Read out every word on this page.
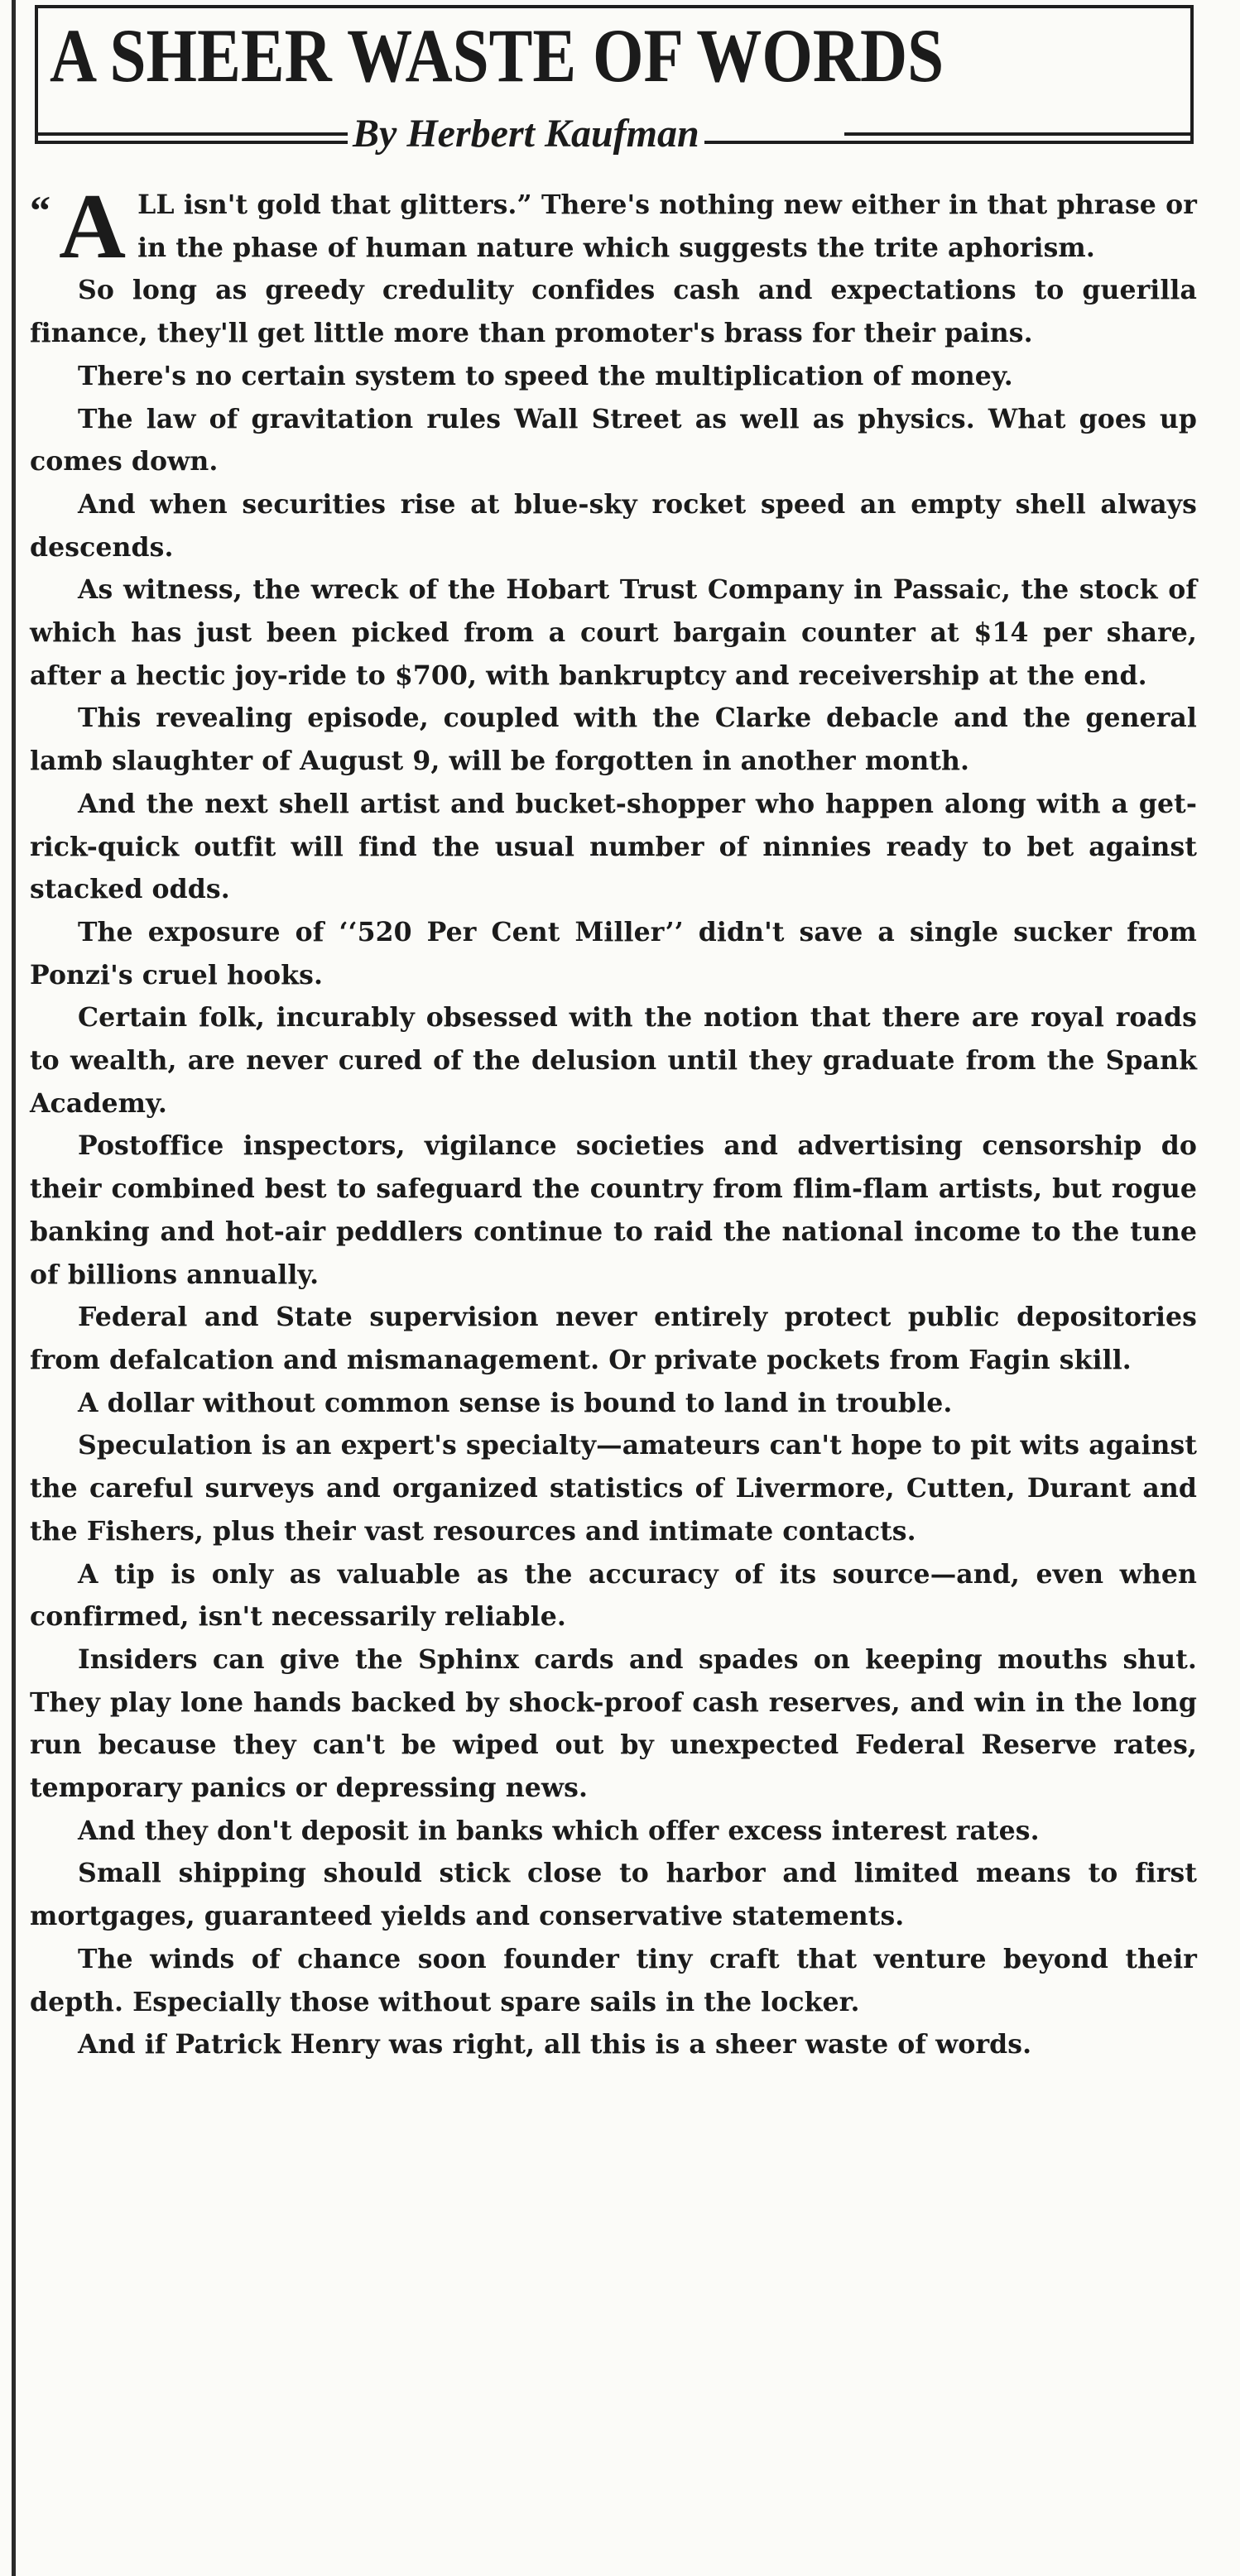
A SHEER WASTE OF WORDS
By Herbert Kaufman

“ A LL isn't gold that glitters.” There's nothing new either in that phrase or in the phase of human nature which suggests the trite aphorism.

So long as greedy credulity confides cash and expectations to guerilla finance, they'll get little more than promoter's brass for their pains.

There's no certain system to speed the multiplication of money.

The law of gravitation rules Wall Street as well as physics. What goes up comes down.

And when securities rise at blue-sky rocket speed an empty shell always descends.

As witness, the wreck of the Hobart Trust Company in Passaic, the stock of which has just been picked from a court bargain counter at $14 per share, after a hectic joy-ride to $700, with bankruptcy and receivership at the end.

This revealing episode, coupled with the Clarke debacle and the general lamb slaughter of August 9, will be forgotten in another month.

And the next shell artist and bucket-shopper who happen along with a get-rick-quick outfit will find the usual number of ninnies ready to bet against stacked odds.

The exposure of ‘‘520 Per Cent Miller’’ didn't save a single sucker from Ponzi's cruel hooks.

Certain folk, incurably obsessed with the notion that there are royal roads to wealth, are never cured of the delusion until they graduate from the Spank Academy.

Postoffice inspectors, vigilance societies and advertising censorship do their combined best to safeguard the country from flim-flam artists, but rogue banking and hot-air peddlers continue to raid the national income to the tune of billions annually.

Federal and State supervision never entirely protect public depositories from defalcation and mismanagement. Or private pockets from Fagin skill.

A dollar without common sense is bound to land in trouble.

Speculation is an expert's specialty—amateurs can't hope to pit wits against the careful surveys and organized statistics of Livermore, Cutten, Durant and the Fishers, plus their vast resources and intimate contacts.

A tip is only as valuable as the accuracy of its source—and, even when confirmed, isn't necessarily reliable.

Insiders can give the Sphinx cards and spades on keeping mouths shut. They play lone hands backed by shock-proof cash reserves, and win in the long run because they can't be wiped out by unexpected Federal Reserve rates, temporary panics or depressing news.

And they don't deposit in banks which offer excess interest rates.

Small shipping should stick close to harbor and limited means to first mortgages, guaranteed yields and conservative statements.

The winds of chance soon founder tiny craft that venture beyond their depth. Especially those without spare sails in the locker.

And if Patrick Henry was right, all this is a sheer waste of words.
